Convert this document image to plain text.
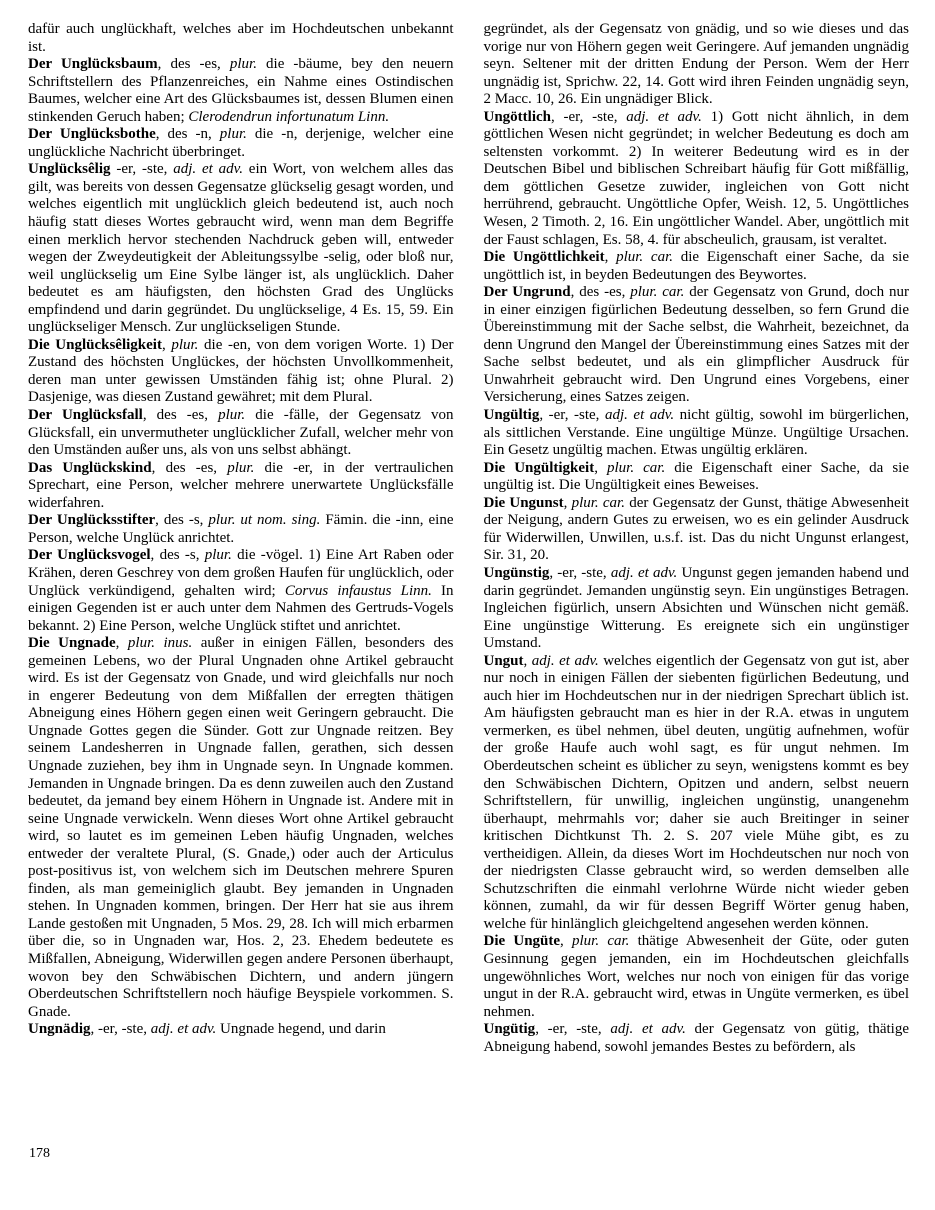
dafür auch unglückhaft, welches aber im Hochdeutschen unbekannt ist.

Der Unglücksbaum, des -es, plur. die -bäume, bey den neuern Schriftstellern des Pflanzenreiches, ein Nahme eines Ostindischen Baumes, welcher eine Art des Glücksbaumes ist, dessen Blumen einen stinkenden Geruch haben; Clerodendrun infortunatum Linn.

Der Unglücksbothe, des -n, plur. die -n, derjenige, welcher eine unglückliche Nachricht überbringet.

Unglücksêlig -er, -ste, adj. et adv. ein Wort, von welchem alles das gilt, was bereits von dessen Gegensatze glückselig gesagt worden, und welches eigentlich mit unglücklich gleich bedeutend ist, auch noch häufig statt dieses Wortes gebraucht wird, wenn man dem Begriffe einen merklich hervor stechenden Nachdruck geben will, entweder wegen der Zweydeutigkeit der Ableitungssylbe -selig, oder bloß nur, weil unglückselig um Eine Sylbe länger ist, als unglücklich. Daher bedeutet es am häufigsten, den höchsten Grad des Unglücks empfindend und darin gegründet. Du unglückselige, 4 Es. 15, 59. Ein unglückseliger Mensch. Zur unglückseligen Stunde.

Die Unglücksêligkeit, plur. die -en, von dem vorigen Worte. 1) Der Zustand des höchsten Unglückes, der höchsten Unvollkommenheit, deren man unter gewissen Umständen fähig ist; ohne Plural. 2) Dasjenige, was diesen Zustand gewähret; mit dem Plural.

Der Unglücksfall, des -es, plur. die -fälle, der Gegensatz von Glücksfall, ein unvermutheter unglücklicher Zufall, welcher mehr von den Umständen außer uns, als von uns selbst abhängt.

Das Unglückskind, des -es, plur. die -er, in der vertraulichen Sprechart, eine Person, welcher mehrere unerwartete Unglücksfälle widerfahren.

Der Unglücksstifter, des -s, plur. ut nom. sing. Fämin. die -inn, eine Person, welche Unglück anrichtet.

Der Unglücksvogel, des -s, plur. die -vögel. 1) Eine Art Raben oder Krähen, deren Geschrey von dem großen Haufen für unglücklich, oder Unglück verkündigend, gehalten wird; Corvus infaustus Linn. In einigen Gegenden ist er auch unter dem Nahmen des Gertruds-Vogels bekannt. 2) Eine Person, welche Unglück stiftet und anrichtet.

Die Ungnade, plur. inus. außer in einigen Fällen, besonders des gemeinen Lebens, wo der Plural Ungnaden ohne Artikel gebraucht wird. Es ist der Gegensatz von Gnade, und wird gleichfalls nur noch in engerer Bedeutung von dem Mißfallen der erregten thätigen Abneigung eines Höhern gegen einen weit Geringern gebraucht. Die Ungnade Gottes gegen die Sünder. Gott zur Ungnade reitzen. Bey seinem Landesherren in Ungnade fallen, gerathen, sich dessen Ungnade zuziehen, bey ihm in Ungnade seyn. In Ungnade kommen. Jemanden in Ungnade bringen. Da es denn zuweilen auch den Zustand bedeutet, da jemand bey einem Höhern in Ungnade ist. Andere mit in seine Ungnade verwickeln. Wenn dieses Wort ohne Artikel gebraucht wird, so lautet es im gemeinen Leben häufig Ungnaden, welches entweder der veraltete Plural, (S. Gnade,) oder auch der Articulus post-positivus ist, von welchem sich im Deutschen mehrere Spuren finden, als man gemeiniglich glaubt. Bey jemanden in Ungnaden stehen. In Ungnaden kommen, bringen. Der Herr hat sie aus ihrem Lande gestoßen mit Ungnaden, 5 Mos. 29, 28. Ich will mich erbarmen über die, so in Ungnaden war, Hos. 2, 23. Ehedem bedeutete es Mißfallen, Abneigung, Widerwillen gegen andere Personen überhaupt, wovon bey den Schwäbischen Dichtern, und andern jüngern Oberdeutschen Schriftstellern noch häufige Beyspiele vorkommen. S. Gnade.

Ungnädig, -er, -ste, adj. et adv. Ungnade hegend, und darin

gegründet, als der Gegensatz von gnädig, und so wie dieses und das vorige nur von Höhern gegen weit Geringere. Auf jemanden ungnädig seyn. Seltener mit der dritten Endung der Person. Wem der Herr ungnädig ist, Sprichw. 22, 14. Gott wird ihren Feinden ungnädig seyn, 2 Macc. 10, 26. Ein ungnädiger Blick.

Ungöttlich, -er, -ste, adj. et adv. 1) Gott nicht ähnlich, in dem göttlichen Wesen nicht gegründet; in welcher Bedeutung es doch am seltensten vorkommt. 2) In weiterer Bedeutung wird es in der Deutschen Bibel und biblischen Schreibart häufig für Gott mißfällig, dem göttlichen Gesetze zuwider, ingleichen von Gott nicht herrührend, gebraucht. Ungöttliche Opfer, Weish. 12, 5. Ungöttliches Wesen, 2 Timoth. 2, 16. Ein ungöttlicher Wandel. Aber, ungöttlich mit der Faust schlagen, Es. 58, 4. für abscheulich, grausam, ist veraltet.

Die Ungöttlichkeit, plur. car. die Eigenschaft einer Sache, da sie ungöttlich ist, in beyden Bedeutungen des Beywortes.

Der Ungrund, des -es, plur. car. der Gegensatz von Grund, doch nur in einer einzigen figürlichen Bedeutung desselben, so fern Grund die Übereinstimmung mit der Sache selbst, die Wahrheit, bezeichnet, da denn Ungrund den Mangel der Übereinstimmung eines Satzes mit der Sache selbst bedeutet, und als ein glimpflicher Ausdruck für Unwahrheit gebraucht wird. Den Ungrund eines Vorgebens, einer Versicherung, eines Satzes zeigen.

Ungültig, -er, -ste, adj. et adv. nicht gültig, sowohl im bürgerlichen, als sittlichen Verstande. Eine ungültige Münze. Ungültige Ursachen. Ein Gesetz ungültig machen. Etwas ungültig erklären.

Die Ungültigkeit, plur. car. die Eigenschaft einer Sache, da sie ungültig ist. Die Ungültigkeit eines Beweises.

Die Ungunst, plur. car. der Gegensatz der Gunst, thätige Abwesenheit der Neigung, andern Gutes zu erweisen, wo es ein gelinder Ausdruck für Widerwillen, Unwillen, u.s.f. ist. Das du nicht Ungunst erlangest, Sir. 31, 20.

Ungünstig, -er, -ste, adj. et adv. Ungunst gegen jemanden habend und darin gegründet. Jemanden ungünstig seyn. Ein ungünstiges Betragen. Ingleichen figürlich, unsern Absichten und Wünschen nicht gemäß. Eine ungünstige Witterung. Es ereignete sich ein ungünstiger Umstand.

Ungut, adj. et adv. welches eigentlich der Gegensatz von gut ist, aber nur noch in einigen Fällen der siebenten figürlichen Bedeutung, und auch hier im Hochdeutschen nur in der niedrigen Sprechart üblich ist. Am häufigsten gebraucht man es hier in der R.A. etwas in ungutem vermerken, es übel nehmen, übel deuten, ungütig aufnehmen, wofür der große Haufe auch wohl sagt, es für ungut nehmen. Im Oberdeutschen scheint es üblicher zu seyn, wenigstens kommt es bey den Schwäbischen Dichtern, Opitzen und andern, selbst neuern Schriftstellern, für unwillig, ingleichen ungünstig, unangenehm überhaupt, mehrmahls vor; daher sie auch Breitinger in seiner kritischen Dichtkunst Th. 2. S. 207 viele Mühe gibt, es zu vertheidigen. Allein, da dieses Wort im Hochdeutschen nur noch von der niedrigsten Classe gebraucht wird, so werden demselben alle Schutzschriften die einmahl verlohrne Würde nicht wieder geben können, zumahl, da wir für dessen Begriff Wörter genug haben, welche für hinlänglich gleichgeltend angesehen werden können.

Die Ungüte, plur. car. thätige Abwesenheit der Güte, oder guten Gesinnung gegen jemanden, ein im Hochdeutschen gleichfalls ungewöhnliches Wort, welches nur noch von einigen für das vorige ungut in der R.A. gebraucht wird, etwas in Ungüte vermerken, es übel nehmen.

Ungütig, -er, -ste, adj. et adv. der Gegensatz von gütig, thätige Abneigung habend, sowohl jemandes Bestes zu befördern, als

178
